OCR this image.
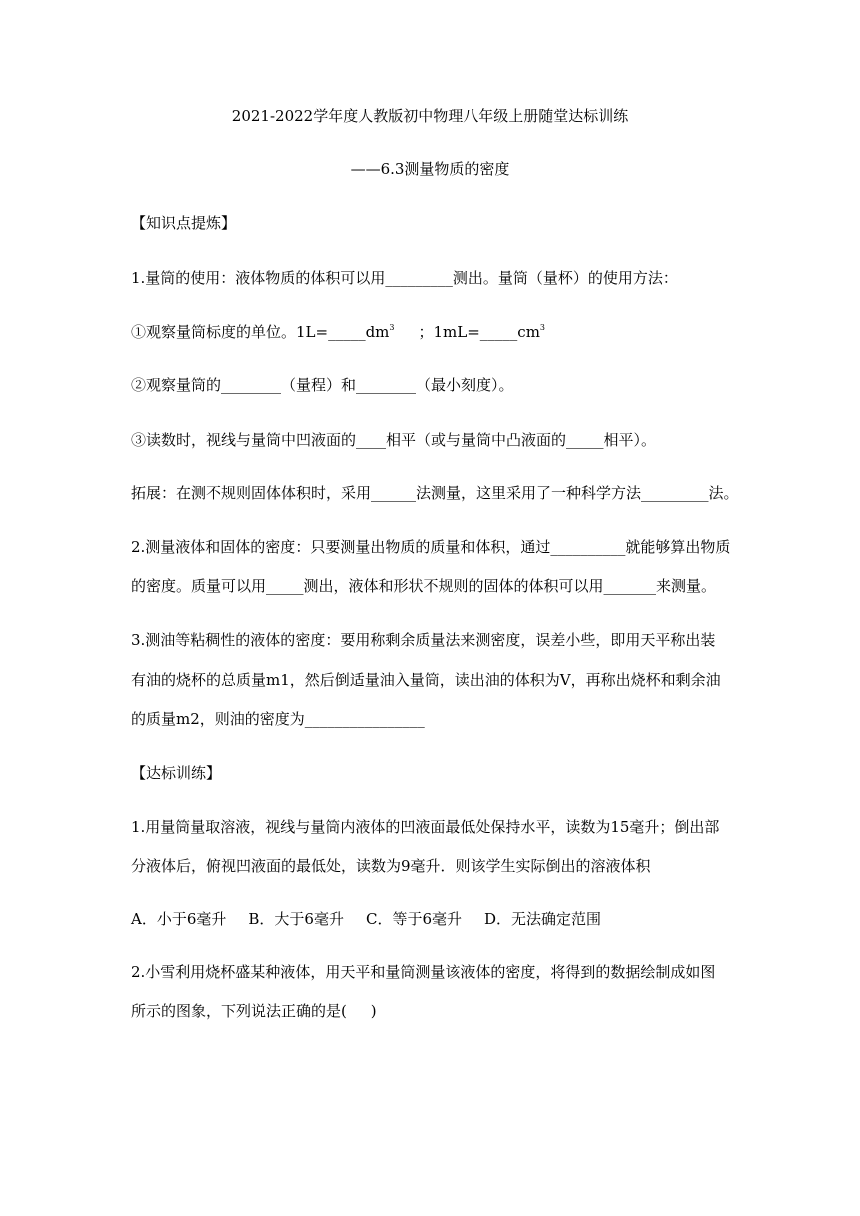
2021-2022学年度人教版初中物理八年级上册随堂达标训练
——6.3测量物质的密度
【知识点提炼】
1.量筒的使用：液体物质的体积可以用_________测出。量筒（量杯）的使用方法：
①观察量筒标度的单位。$1L=\_\_\_\_\_dm^3$ ；$1mL=\_\_\_\_\_cm^3$
②观察量筒的________（量程）和________（最小刻度）。
③读数时，视线与量筒中凹液面的____相平（或与量筒中凸液面的_____相平）。
拓展：在测不规则固体体积时，采用______法测量，这里采用了一种科学方法_________法。
2.测量液体和固体的密度：只要测量出物质的质量和体积，通过__________就能够算出物质
的密度。质量可以用_____测出，液体和形状不规则的固体的体积可以用_______来测量。
3.测油等粘稠性的液体的密度：要用称剩余质量法来测密度，误差小些，即用天平称出装
有油的烧杯的总质量m1，然后倒适量油入量筒，读出油的体积为V，再称出烧杯和剩余油
的质量m2，则油的密度为________________
【达标训练】
1.用量筒量取溶液，视线与量筒内液体的凹液面最低处保持水平，读数为15毫升；倒出部
分液体后，俯视凹液面的最低处，读数为9毫升．则该学生实际倒出的溶液体积
A．小于6毫升 B．大于6毫升 C．等于6毫升 D．无法确定范围
2.小雪利用烧杯盛某种液体，用天平和量筒测量该液体的密度，将得到的数据绘制成如图
所示的图象，下列说法正确的是(     )
